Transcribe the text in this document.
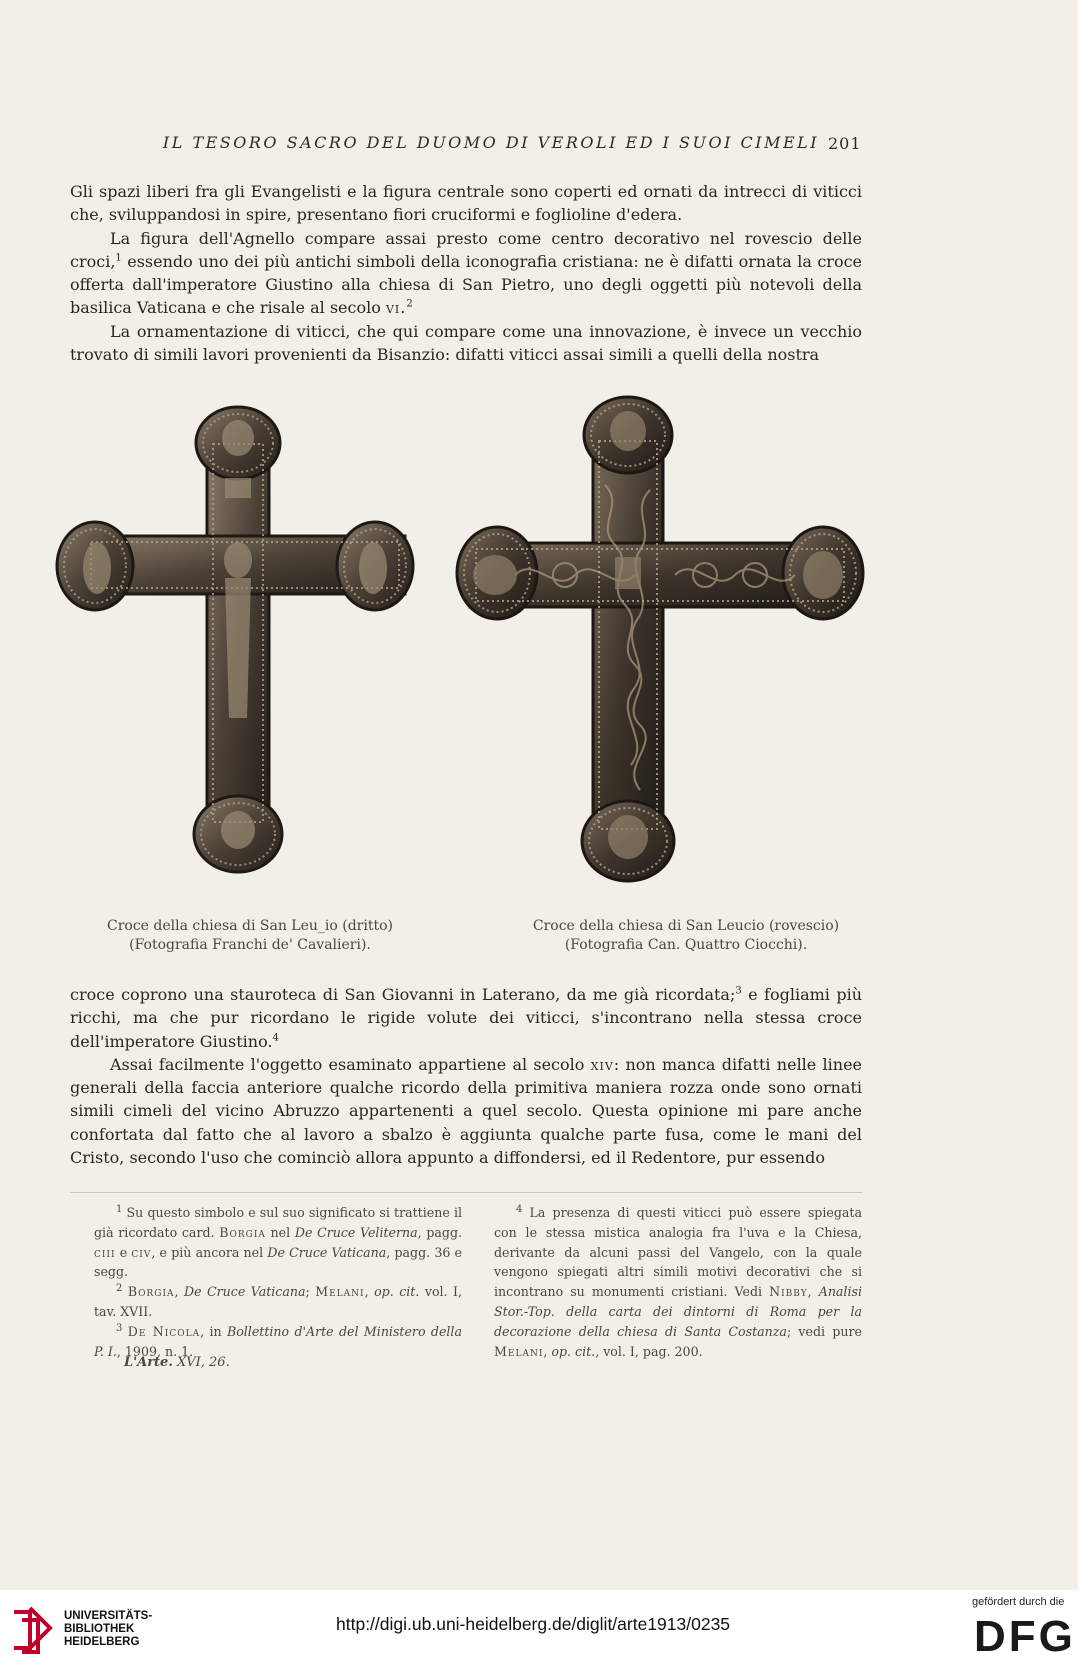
IL TESORO SACRO DEL DUOMO DI VEROLI ED I SUOI CIMELI 201

Gli spazi liberi fra gli Evangelisti e la figura centrale sono coperti ed ornati da intrecci di viticci che, sviluppandosi in spire, presentano fiori cruciformi e foglioline d'edera.

La figura dell'Agnello compare assai presto come centro decorativo nel rovescio delle croci,$^1$ essendo uno dei più antichi simboli della iconografia cristiana: ne è difatti ornata la croce offerta dall'imperatore Giustino alla chiesa di San Pietro, uno degli oggetti più notevoli della basilica Vaticana e che risale al secolo vi.$^2$

La ornamentazione di viticci, che qui compare come una innovazione, è invece un vecchio trovato di simili lavori provenienti da Bisanzio: difatti viticci assai simili a quelli della nostra

Croce della chiesa di San Leu_io (dritto)
(Fotografia Franchi de' Cavalieri).
Croce della chiesa di San Leucio (rovescio)
(Fotografia Can. Quattro Ciocchi).

croce coprono una stauroteca di San Giovanni in Laterano, da me già ricordata;$^3$ e fogliami più ricchi, ma che pur ricordano le rigide volute dei viticci, s'incontrano nella stessa croce dell'imperatore Giustino.$^4$

Assai facilmente l'oggetto esaminato appartiene al secolo xiv: non manca difatti nelle linee generali della faccia anteriore qualche ricordo della primitiva maniera rozza onde sono ornati simili cimeli del vicino Abruzzo appartenenti a quel secolo. Questa opinione mi pare anche confortata dal fatto che al lavoro a sbalzo è aggiunta qualche parte fusa, come le mani del Cristo, secondo l'uso che cominciò allora appunto a diffondersi, ed il Redentore, pur essendo

$^1$ Su questo simbolo e sul suo significato si trattiene il già ricordato card. Borgia nel De Cruce Veliterna, pagg. ciii e civ, e più ancora nel De Cruce Vaticana, pagg. 36 e segg.

$^2$ Borgia, De Cruce Vaticana; Melani, op. cit. vol. I, tav. XVII.

$^3$ De Nicola, in Bollettino d'Arte del Ministero della P. I., 1909, n. 1.

$^4$ La presenza di questi viticci può essere spiegata con le stessa mistica analogia fra l'uva e la Chiesa, derivante da alcuni passi del Vangelo, con la quale vengono spiegati altri simili motivi decorativi che si incontrano su monumenti cristiani. Vedi Nibby, Analisi Stor.-Top. della carta dei dintorni di Roma per la decorazione della chiesa di Santa Costanza; vedi pure Melani, op. cit., vol. I, pag. 200.

L'Arte. XVI, 26.
UNIVERSITÄTS-
BIBLIOTHEK
HEIDELBERG
http://digi.ub.uni-heidelberg.de/diglit/arte1913/0235
gefördert durch die
DFG
